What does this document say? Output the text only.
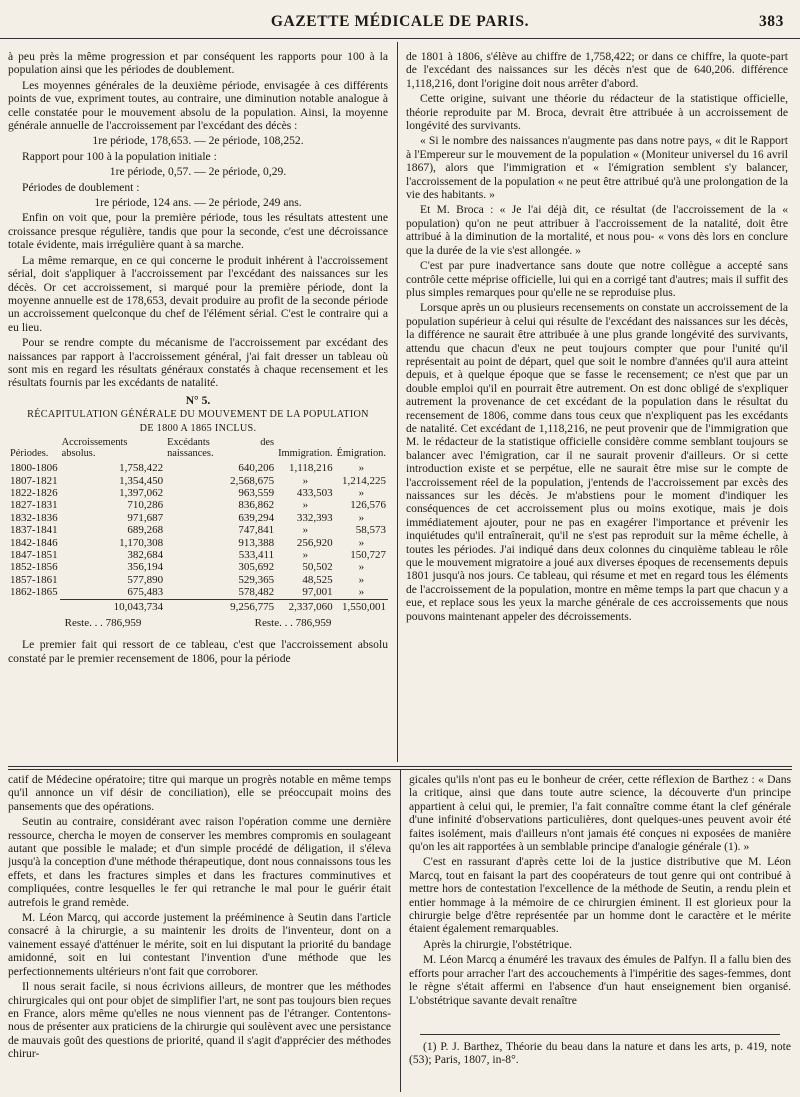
GAZETTE MÉDICALE DE PARIS.	383

à peu près la même progression et par conséquent les rapports pour 100 à la population ainsi que les périodes de doublement.

Les moyennes générales de la deuxième période, envisagée à ces différents points de vue, expriment toutes, au contraire, une diminution notable analogue à celle constatée pour le mouvement absolu de la population. Ainsi, la moyenne générale annuelle de l'accroissement par l'excédant des décès :

1re période, 178,653. — 2e période, 108,252.

Rapport pour 100 à la population initiale :

1re période, 0,57. — 2e période, 0,29.

Périodes de doublement :

1re période, 124 ans. — 2e période, 249 ans.

Enfin on voit que, pour la première période, tous les résultats attestent une croissance presque régulière, tandis que pour la seconde, c'est une décroissance totale évidente, mais irrégulière quant à sa marche.

La même remarque, en ce qui concerne le produit inhérent à l'accroissement sérial, doit s'appliquer à l'accroissement par l'excédant des naissances sur les décès. Or cet accroissement, si marqué pour la première période, dont la moyenne annuelle est de 178,653, devait produire au profit de la seconde période un accroissement quelconque du chef de l'élément sérial. C'est le contraire qui a eu lieu.

Pour se rendre compte du mécanisme de l'accroissement par excédant des naissances par rapport à l'accroissement général, j'ai fait dresser un tableau où sont mis en regard les résultats généraux constatés à chaque recensement et les résultats fournis par les excédants de natalité.

N° 5.

RÉCAPITULATION GÉNÉRALE DU MOUVEMENT DE LA POPULATION
DE 1800 A 1865 INCLUS.
Périodes.	Accroissements absolus.	Excédants des naissances.	Immigration.	Émigration.
1800-1806	1,758,422	640,206	1,118,216	»
1807-1821	1,354,450	2,568,675	»	1,214,225
1822-1826	1,397,062	963,559	433,503	»
1827-1831	710,286	836,862	»	126,576
1832-1836	971,687	639,294	332,393	»
1837-1841	689,268	747,841	»	58,573
1842-1846	1,170,308	913,388	256,920	»
1847-1851	382,684	533,411	»	150,727
1852-1856	356,194	305,692	50,502	»
1857-1861	577,890	529,365	48,525	»
1862-1865	675,483	578,482	97,001	»
	10,043,734	9,256,775	2,337,060	1,550,001
Reste. . . 786,959	Reste. . . 786,959

Le premier fait qui ressort de ce tableau, c'est que l'accroissement absolu constaté par le premier recensement de 1806, pour la période

de 1801 à 1806, s'élève au chiffre de 1,758,422; or dans ce chiffre, la quote-part de l'excédant des naissances sur les décès n'est que de 640,206. différence 1,118,216, dont l'origine doit nous arrêter d'abord.

Cette origine, suivant une théorie du rédacteur de la statistique officielle, théorie reproduite par M. Broca, devrait être attribuée à un accroissement de longévité des survivants.

« Si le nombre des naissances n'augmente pas dans notre pays, « dit le Rapport à l'Empereur sur le mouvement de la population « (Moniteur universel du 16 avril 1867), alors que l'immigration et « l'émigration semblent s'y balancer, l'accroissement de la population « ne peut être attribué qu'à une prolongation de la vie des habitants. »

Et M. Broca : « Je l'ai déjà dit, ce résultat (de l'accroissement de la « population) qu'on ne peut attribuer à l'accroissement de la natalité, doit être attribué à la diminution de la mortalité, et nous pou- « vons dès lors en conclure que la durée de la vie s'est allongée. »

C'est par pure inadvertance sans doute que notre collègue a accepté sans contrôle cette méprise officielle, lui qui en a corrigé tant d'autres; mais il suffit des plus simples remarques pour qu'elle ne se reproduise plus.

Lorsque après un ou plusieurs recensements on constate un accroissement de la population supérieur à celui qui résulte de l'excédant des naissances sur les décès, la différence ne saurait être attribuée à une plus grande longévité des survivants, attendu que chacun d'eux ne peut toujours compter que pour l'unité qu'il représentait au point de départ, quel que soit le nombre d'années qu'il aura atteint depuis, et à quelque époque que se fasse le recensement; ce n'est que par un double emploi qu'il en pourrait être autrement. On est donc obligé de s'expliquer autrement la provenance de cet excédant de la population dans le résultat du recensement de 1806, comme dans tous ceux que n'expliquent pas les excédants de natalité. Cet excédant de 1,118,216, ne peut provenir que de l'immigration que M. le rédacteur de la statistique officielle considère comme semblant toujours se balancer avec l'émigration, car il ne saurait provenir d'ailleurs. Or si cette introduction existe et se perpétue, elle ne saurait être mise sur le compte de l'accroissement réel de la population, j'entends de l'accroissement par excès des naissances sur les décès. Je m'abstiens pour le moment d'indiquer les conséquences de cet accroissement plus ou moins exotique, mais je dois immédiatement ajouter, pour ne pas en exagérer l'importance et prévenir les inquiétudes qu'il entraînerait, qu'il ne s'est pas reproduit sur la même échelle, à toutes les périodes. J'ai indiqué dans deux colonnes du cinquième tableau le rôle que le mouvement migratoire a joué aux diverses époques de recensements depuis 1801 jusqu'à nos jours. Ce tableau, qui résume et met en regard tous les éléments de l'accroissement de la population, montre en même temps la part que chacun y a eue, et replace sous les yeux la marche générale de ces accroissements que nous pouvons maintenant appeler des décroissements.

catif de Médecine opératoire; titre qui marque un progrès notable en même temps qu'il annonce un vif désir de conciliation), elle se préoccupait moins des pansements que des opérations.

Seutin au contraire, considérant avec raison l'opération comme une dernière ressource, chercha le moyen de conserver les membres compromis en soulageant autant que possible le malade; et d'un simple procédé de déligation, il s'éleva jusqu'à la conception d'une méthode thérapeutique, dont nous connaissons tous les effets, et dans les fractures simples et dans les fractures comminutives et compliquées, contre lesquelles le fer qui retranche le mal pour le guérir était autrefois le grand remède.

M. Léon Marcq, qui accorde justement la prééminence à Seutin dans l'article consacré à la chirurgie, a su maintenir les droits de l'inventeur, dont on a vainement essayé d'atténuer le mérite, soit en lui disputant la priorité du bandage amidonné, soit en lui contestant l'invention d'une méthode que les perfectionnements ultérieurs n'ont fait que corroborer.

Il nous serait facile, si nous écrivions ailleurs, de montrer que les méthodes chirurgicales qui ont pour objet de simplifier l'art, ne sont pas toujours bien reçues en France, alors même qu'elles ne nous viennent pas de l'étranger. Contentons-nous de présenter aux praticiens de la chirurgie qui soulèvent avec une persistance de mauvais goût des questions de priorité, quand il s'agit d'apprécier des méthodes chirur-

gicales qu'ils n'ont pas eu le bonheur de créer, cette réflexion de Barthez : « Dans la critique, ainsi que dans toute autre science, la découverte d'un principe appartient à celui qui, le premier, l'a fait connaître comme étant la clef générale d'une infinité d'observations particulières, dont quelques-unes peuvent avoir été faites isolément, mais d'ailleurs n'ont jamais été conçues ni exposées de manière qu'on les ait rapportées à un semblable principe d'analogie générale (1). »

C'est en rassurant d'après cette loi de la justice distributive que M. Léon Marcq, tout en faisant la part des coopérateurs de tout genre qui ont contribué à mettre hors de contestation l'excellence de la méthode de Seutin, a rendu plein et entier hommage à la mémoire de ce chirurgien éminent. Il est glorieux pour la chirurgie belge d'être représentée par un homme dont le caractère et le mérite étaient également remarquables.

Après la chirurgie, l'obstétrique.

M. Léon Marcq a énuméré les travaux des émules de Palfyn. Il a fallu bien des efforts pour arracher l'art des accouchements à l'impéritie des sages-femmes, dont le règne s'était affermi en l'absence d'un haut enseignement bien organisé. L'obstétrique savante devait renaître

(1) P. J. Barthez, Théorie du beau dans la nature et dans les arts, p. 419, note (53); Paris, 1807, in-8°.
